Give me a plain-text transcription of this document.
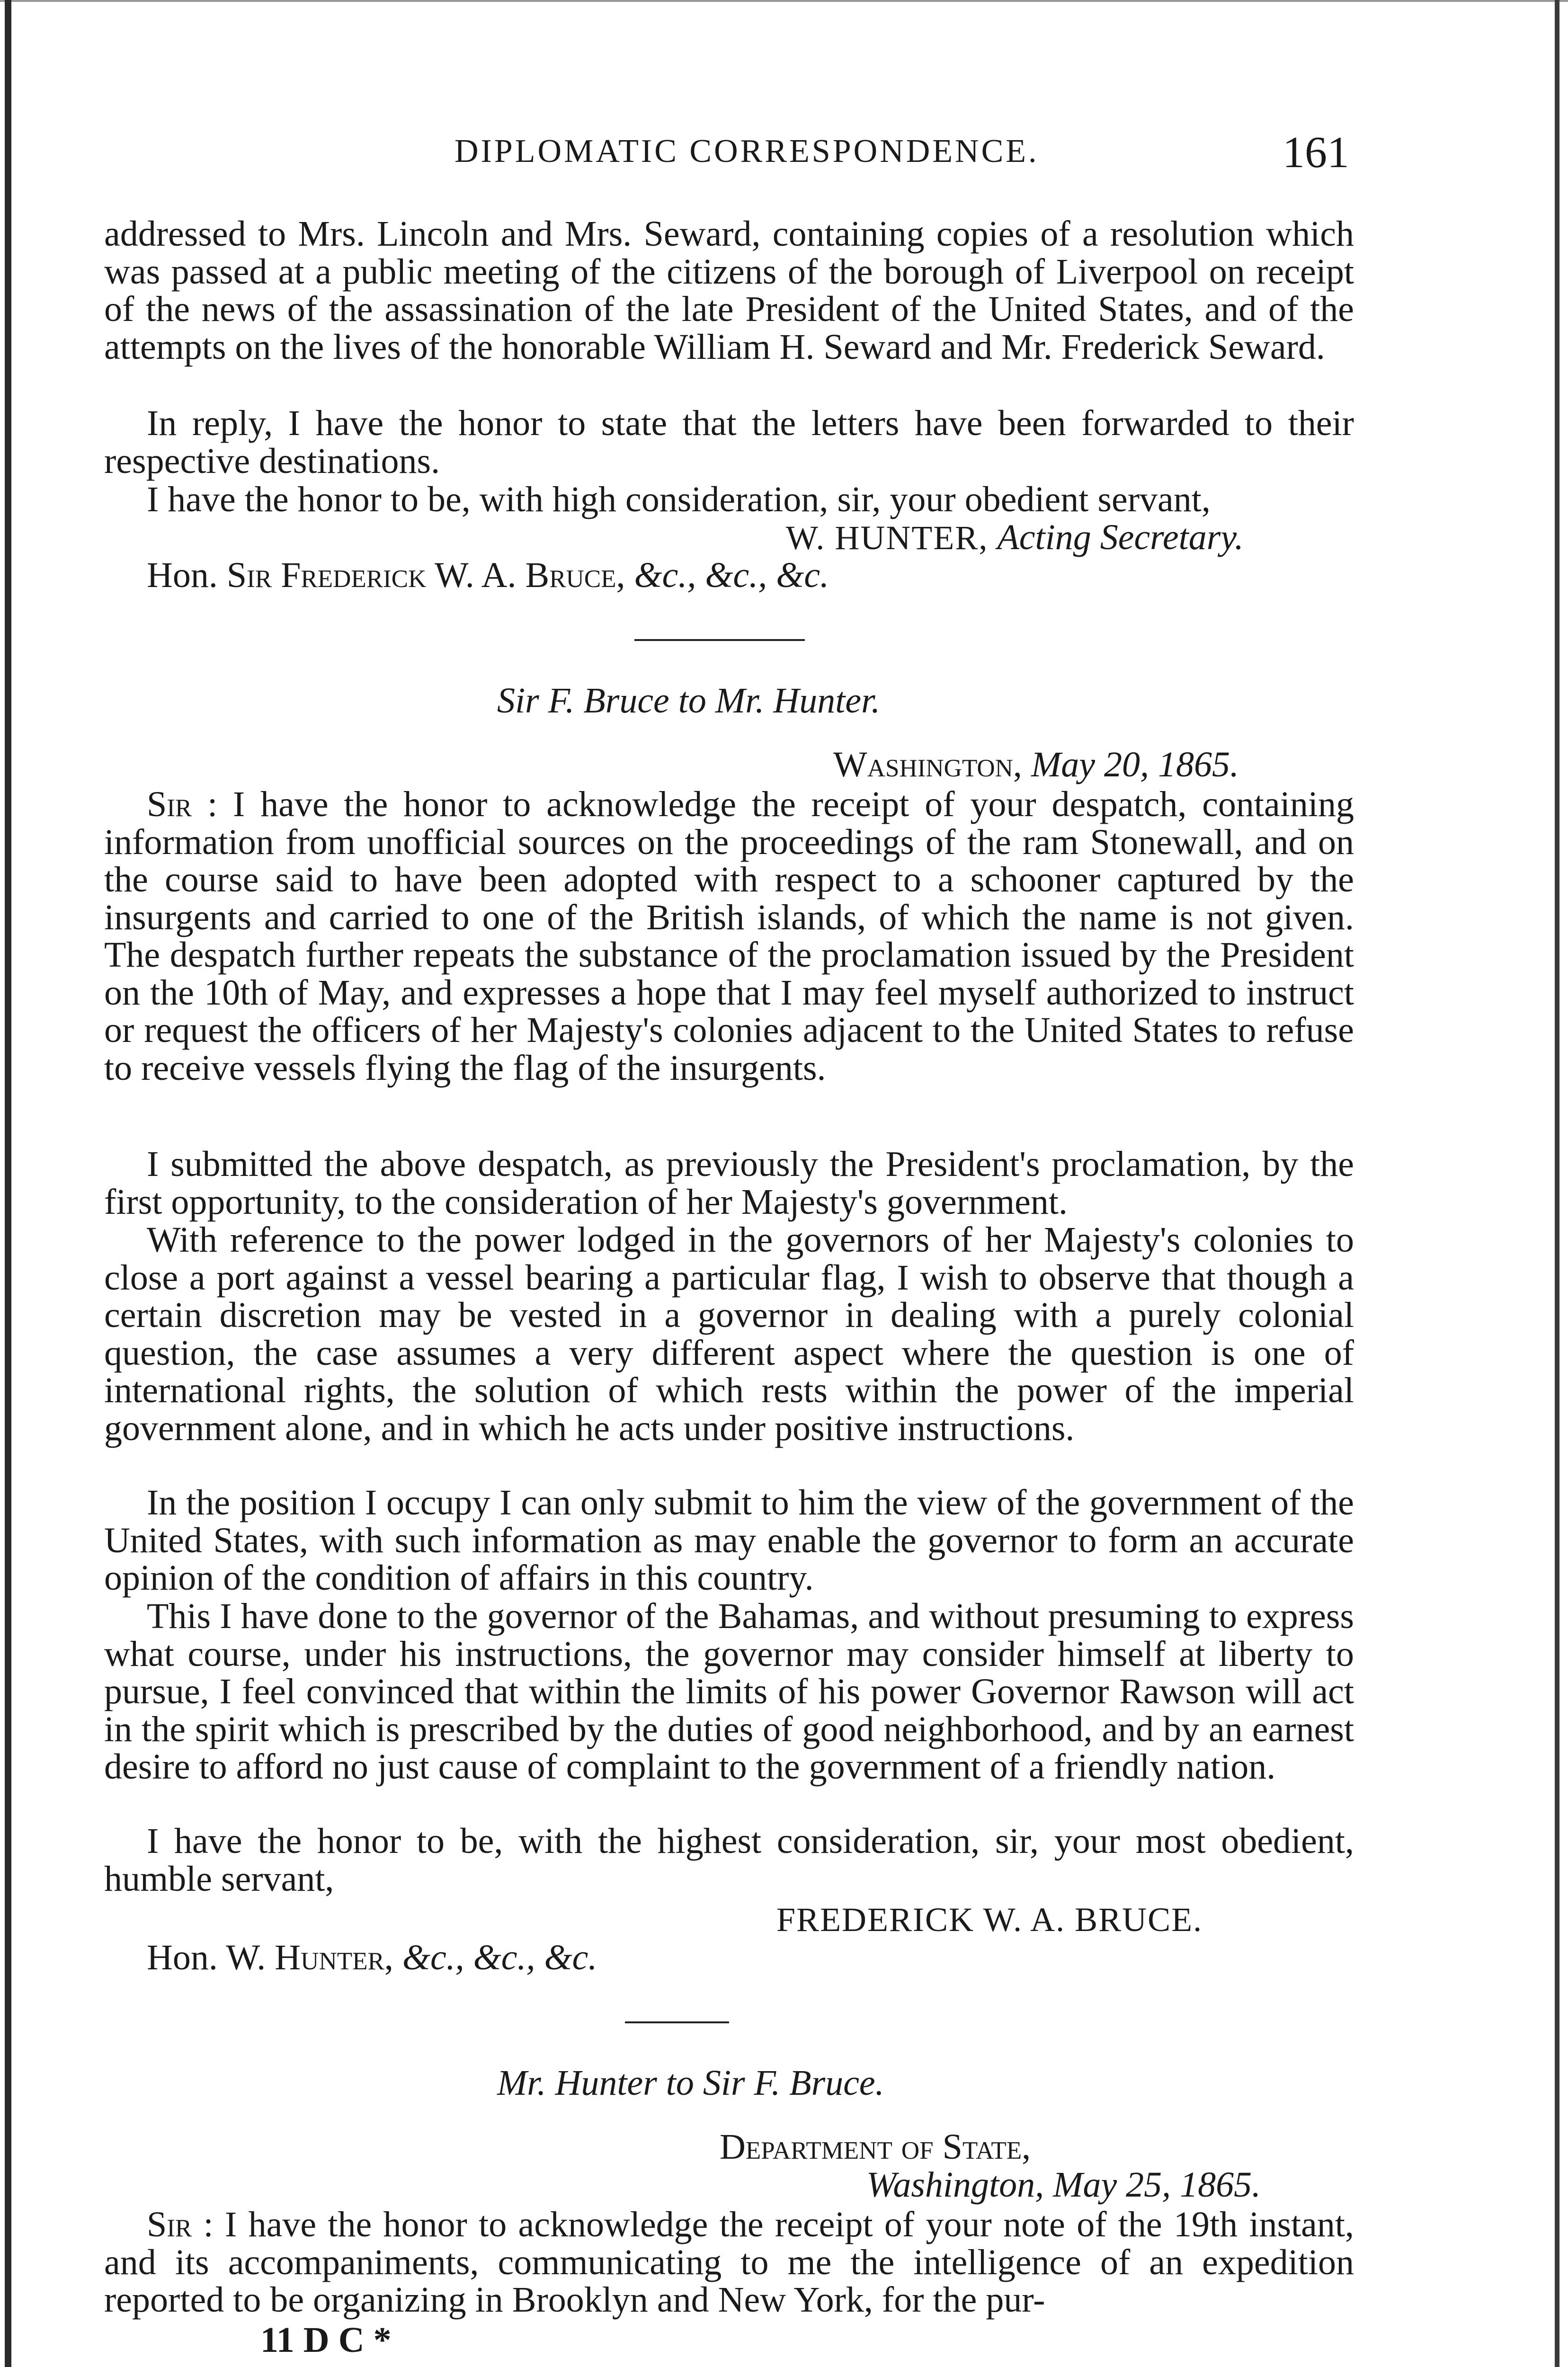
DIPLOMATIC CORRESPONDENCE.	161
addressed to Mrs. Lincoln and Mrs. Seward, containing copies of a resolution which was passed at a public meeting of the citizens of the borough of Liverpool on receipt of the news of the assassination of the late President of the United States, and of the attempts on the lives of the honorable William H. Seward and Mr. Frederick Seward.
In reply, I have the honor to state that the letters have been forwarded to their respective destinations.
I have the honor to be, with high consideration, sir, your obedient servant,
W. HUNTER, Acting Secretary.
Hon. Sir Frederick W. A. Bruce, &c., &c., &c.
Sir F. Bruce to Mr. Hunter.
Washington, May 20, 1865.
Sir : I have the honor to acknowledge the receipt of your despatch, containing information from unofficial sources on the proceedings of the ram Stonewall, and on the course said to have been adopted with respect to a schooner captured by the insurgents and carried to one of the British islands, of which the name is not given. The despatch further repeats the substance of the proclamation issued by the President on the 10th of May, and expresses a hope that I may feel myself authorized to instruct or request the officers of her Majesty's colonies adjacent to the United States to refuse to receive vessels flying the flag of the insurgents.
I submitted the above despatch, as previously the President's proclamation, by the first opportunity, to the consideration of her Majesty's government.
With reference to the power lodged in the governors of her Majesty's colonies to close a port against a vessel bearing a particular flag, I wish to observe that though a certain discretion may be vested in a governor in dealing with a purely colonial question, the case assumes a very different aspect where the question is one of international rights, the solution of which rests within the power of the imperial government alone, and in which he acts under positive instructions.
In the position I occupy I can only submit to him the view of the government of the United States, with such information as may enable the governor to form an accurate opinion of the condition of affairs in this country.
This I have done to the governor of the Bahamas, and without presuming to express what course, under his instructions, the governor may consider himself at liberty to pursue, I feel convinced that within the limits of his power Governor Rawson will act in the spirit which is prescribed by the duties of good neighborhood, and by an earnest desire to afford no just cause of complaint to the government of a friendly nation.
I have the honor to be, with the highest consideration, sir, your most obedient, humble servant,
FREDERICK W. A. BRUCE.
Hon. W. Hunter, &c., &c., &c.
Mr. Hunter to Sir F. Bruce.
Department of State,
Washington, May 25, 1865.
Sir : I have the honor to acknowledge the receipt of your note of the 19th instant, and its accompaniments, communicating to me the intelligence of an expedition reported to be organizing in Brooklyn and New York, for the pur-
11 D C *
